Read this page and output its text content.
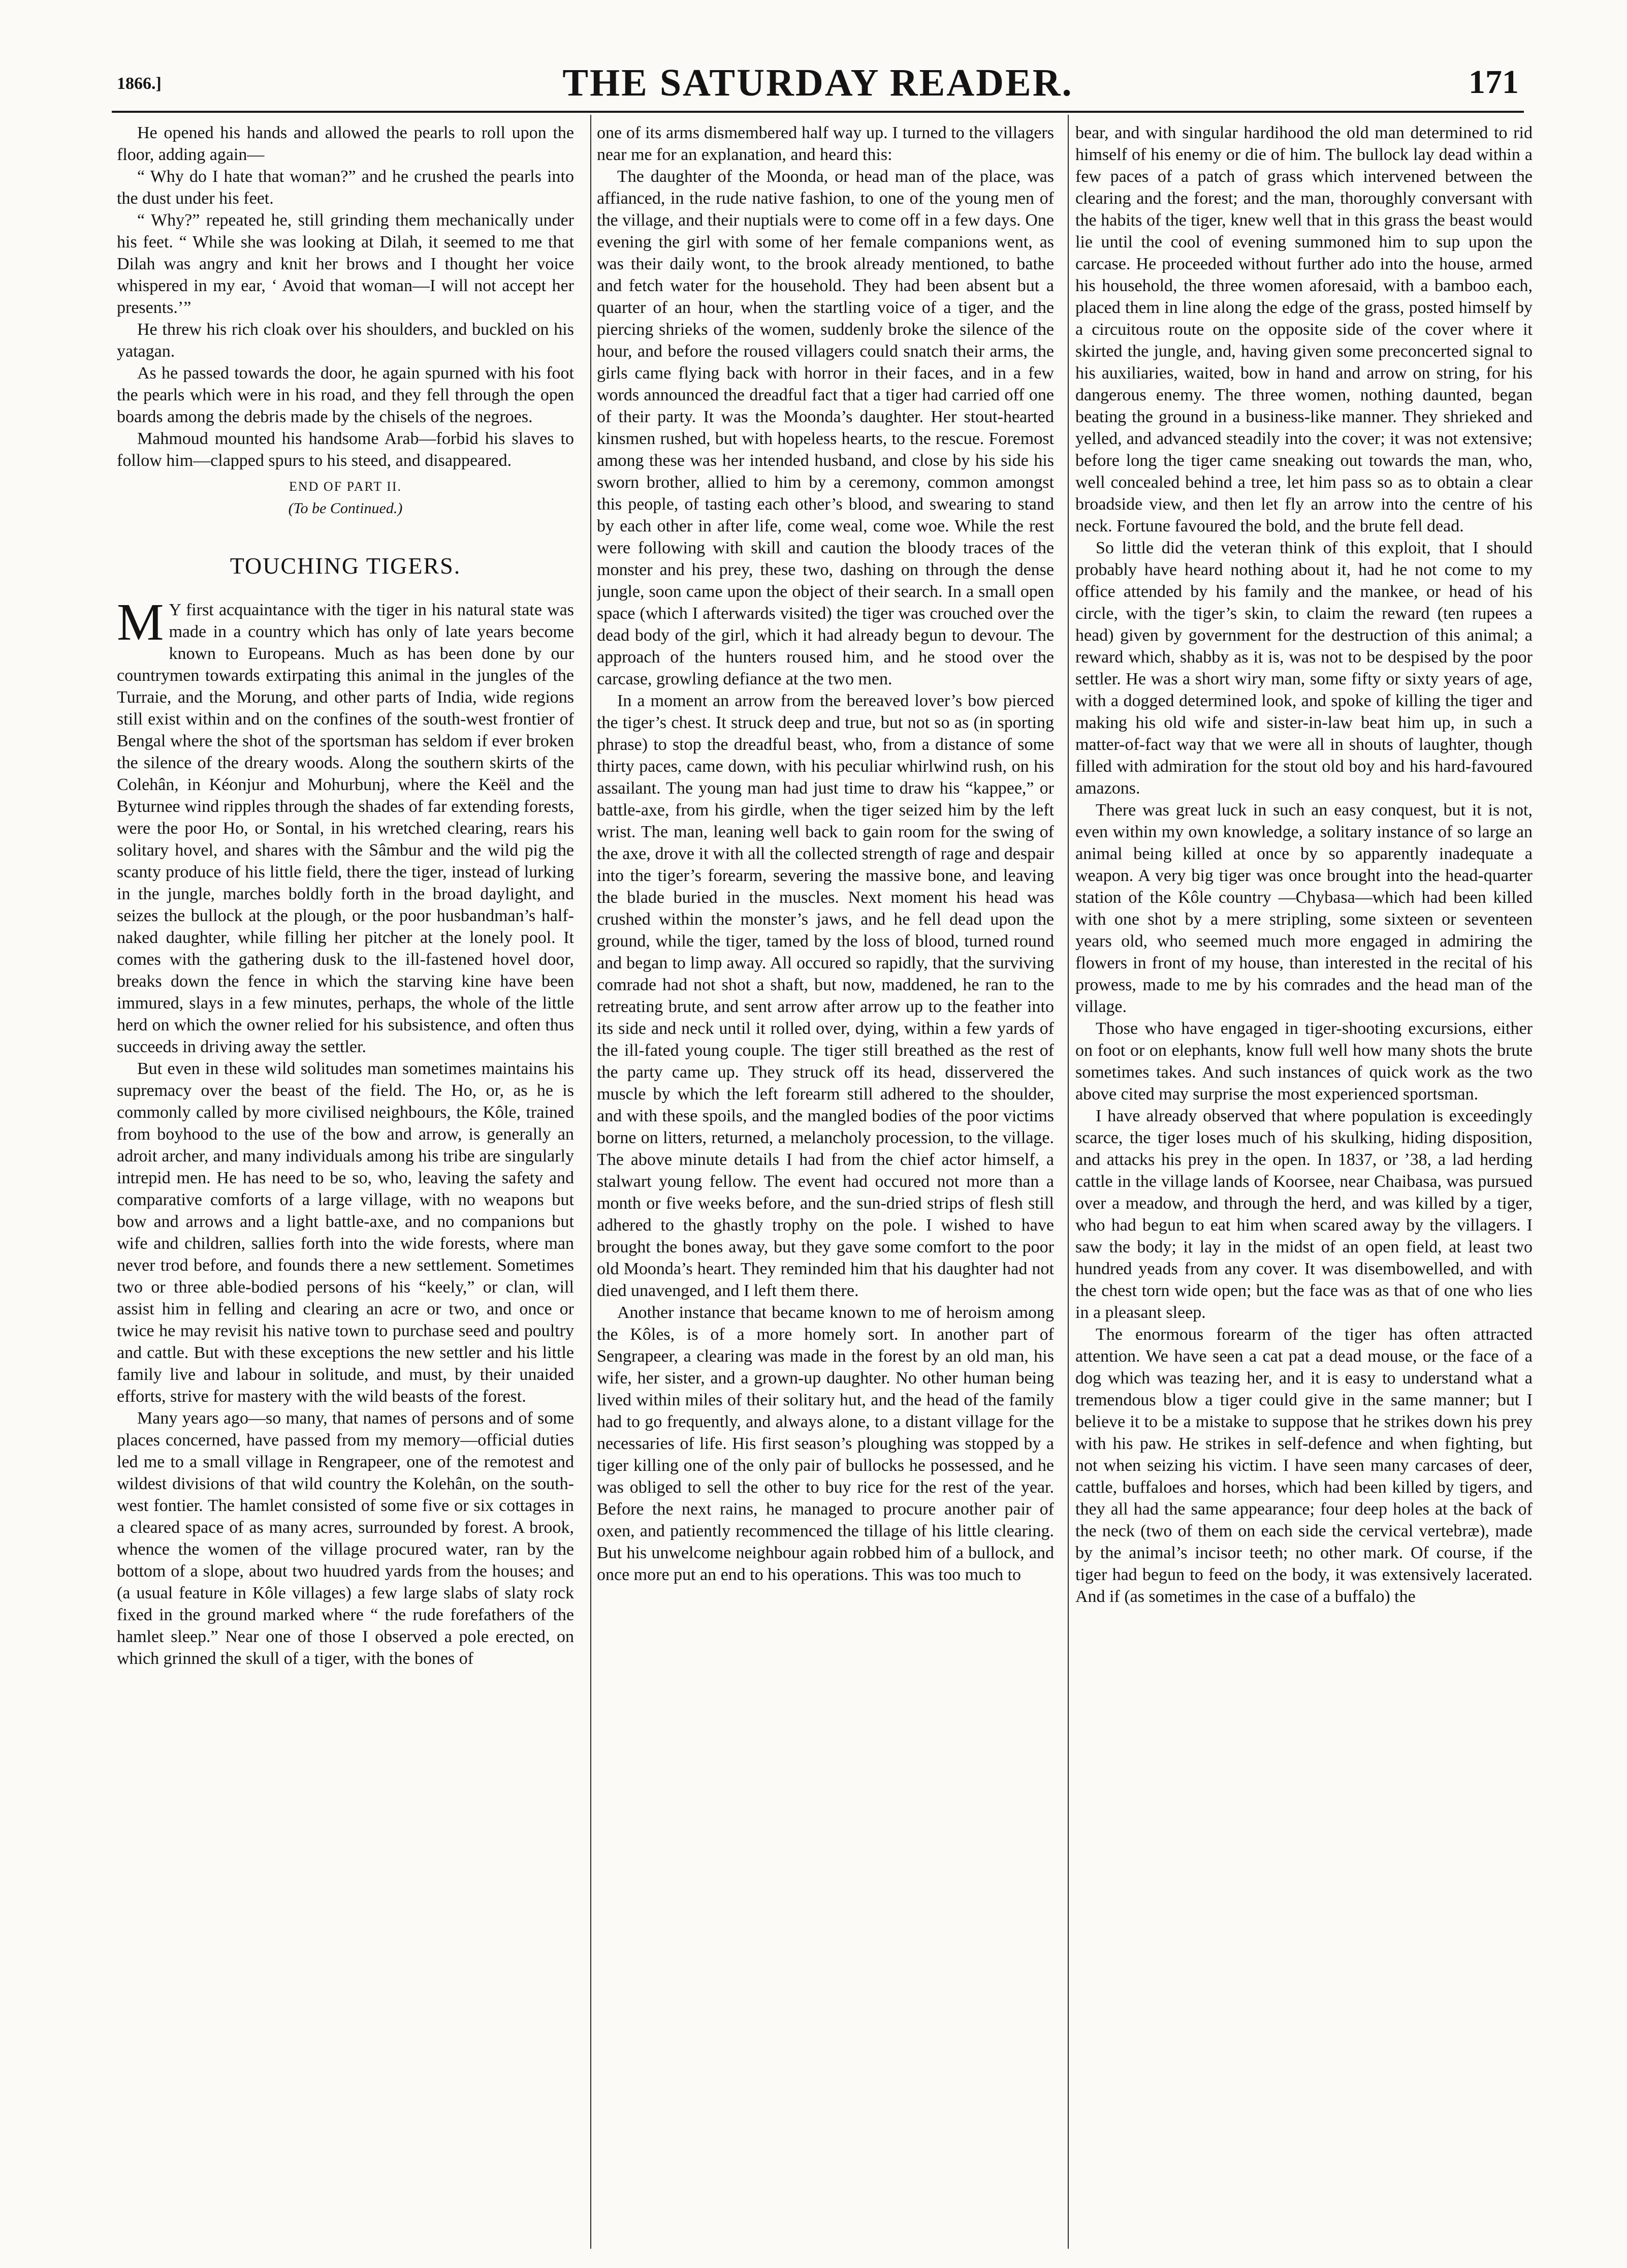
1866.]	THE SATURDAY READER.	171

He opened his hands and allowed the pearls to roll upon the floor, adding again—

“ Why do I hate that woman?” and he crushed the pearls into the dust under his feet.

“ Why?” repeated he, still grinding them mechanically under his feet. “ While she was looking at Dilah, it seemed to me that Dilah was angry and knit her brows and I thought her voice whispered in my ear, ‘ Avoid that woman—I will not accept her presents.’”

He threw his rich cloak over his shoulders, and buckled on his yatagan.

As he passed towards the door, he again spurned with his foot the pearls which were in his road, and they fell through the open boards among the debris made by the chisels of the negroes.

Mahmoud mounted his handsome Arab—forbid his slaves to follow him—clapped spurs to his steed, and disappeared.

END OF PART II.
(To be Continued.)
TOUCHING TIGERS.

M Y first acquaintance with the tiger in his natural state was made in a country which has only of late years become known to Europeans. Much as has been done by our countrymen towards extirpating this animal in the jungles of the Turraie, and the Morung, and other parts of India, wide regions still exist within and on the confines of the south-west frontier of Bengal where the shot of the sportsman has seldom if ever broken the silence of the dreary woods. Along the southern skirts of the Colehân, in Kéonjur and Mohurbunj, where the Keël and the Byturnee wind ripples through the shades of far extending forests, were the poor Ho, or Sontal, in his wretched clearing, rears his solitary hovel, and shares with the Sâmbur and the wild pig the scanty produce of his little field, there the tiger, instead of lurking in the jungle, marches boldly forth in the broad daylight, and seizes the bullock at the plough, or the poor husbandman’s half-naked daughter, while filling her pitcher at the lonely pool. It comes with the gathering dusk to the ill-fastened hovel door, breaks down the fence in which the starving kine have been immured, slays in a few minutes, perhaps, the whole of the little herd on which the owner relied for his subsistence, and often thus succeeds in driving away the settler.

But even in these wild solitudes man sometimes maintains his supremacy over the beast of the field. The Ho, or, as he is commonly called by more civilised neighbours, the Kôle, trained from boyhood to the use of the bow and arrow, is generally an adroit archer, and many individuals among his tribe are singularly intrepid men. He has need to be so, who, leaving the safety and comparative comforts of a large village, with no weapons but bow and arrows and a light battle-axe, and no companions but wife and children, sallies forth into the wide forests, where man never trod before, and founds there a new settlement. Sometimes two or three able-bodied persons of his “keely,” or clan, will assist him in felling and clearing an acre or two, and once or twice he may revisit his native town to purchase seed and poultry and cattle. But with these exceptions the new settler and his little family live and labour in solitude, and must, by their unaided efforts, strive for mastery with the wild beasts of the forest.

Many years ago—so many, that names of persons and of some places concerned, have passed from my memory—official duties led me to a small village in Rengrapeer, one of the remotest and wildest divisions of that wild country the Kolehân, on the south-west fontier. The hamlet consisted of some five or six cottages in a cleared space of as many acres, surrounded by forest. A brook, whence the women of the village procured water, ran by the bottom of a slope, about two huudred yards from the houses; and (a usual feature in Kôle villages) a few large slabs of slaty rock fixed in the ground marked where “ the rude forefathers of the hamlet sleep.” Near one of those I observed a pole erected, on which grinned the skull of a tiger, with the bones of

one of its arms dismembered half way up. I turned to the villagers near me for an explanation, and heard this:

The daughter of the Moonda, or head man of the place, was affianced, in the rude native fashion, to one of the young men of the village, and their nuptials were to come off in a few days. One evening the girl with some of her female companions went, as was their daily wont, to the brook already mentioned, to bathe and fetch water for the household. They had been absent but a quarter of an hour, when the startling voice of a tiger, and the piercing shrieks of the women, suddenly broke the silence of the hour, and before the roused villagers could snatch their arms, the girls came flying back with horror in their faces, and in a few words announced the dreadful fact that a tiger had carried off one of their party. It was the Moonda’s daughter. Her stout-hearted kinsmen rushed, but with hopeless hearts, to the rescue. Foremost among these was her intended husband, and close by his side his sworn brother, allied to him by a ceremony, common amongst this people, of tasting each other’s blood, and swearing to stand by each other in after life, come weal, come woe. While the rest were following with skill and caution the bloody traces of the monster and his prey, these two, dashing on through the dense jungle, soon came upon the object of their search. In a small open space (which I afterwards visited) the tiger was crouched over the dead body of the girl, which it had already begun to devour. The approach of the hunters roused him, and he stood over the carcase, growling defiance at the two men.

In a moment an arrow from the bereaved lover’s bow pierced the tiger’s chest. It struck deep and true, but not so as (in sporting phrase) to stop the dreadful beast, who, from a distance of some thirty paces, came down, with his peculiar whirlwind rush, on his assailant. The young man had just time to draw his “kappee,” or battle-axe, from his girdle, when the tiger seized him by the left wrist. The man, leaning well back to gain room for the swing of the axe, drove it with all the collected strength of rage and despair into the tiger’s forearm, severing the massive bone, and leaving the blade buried in the muscles. Next moment his head was crushed within the monster’s jaws, and he fell dead upon the ground, while the tiger, tamed by the loss of blood, turned round and began to limp away. All occured so rapidly, that the surviving comrade had not shot a shaft, but now, maddened, he ran to the retreating brute, and sent arrow after arrow up to the feather into its side and neck until it rolled over, dying, within a few yards of the ill-fated young couple. The tiger still breathed as the rest of the party came up. They struck off its head, disservered the muscle by which the left forearm still adhered to the shoulder, and with these spoils, and the mangled bodies of the poor victims borne on litters, returned, a melancholy procession, to the village. The above minute details I had from the chief actor himself, a stalwart young fellow. The event had occured not more than a month or five weeks before, and the sun-dried strips of flesh still adhered to the ghastly trophy on the pole. I wished to have brought the bones away, but they gave some comfort to the poor old Moonda’s heart. They reminded him that his daughter had not died unavenged, and I left them there.

Another instance that became known to me of heroism among the Kôles, is of a more homely sort. In another part of Sengrapeer, a clearing was made in the forest by an old man, his wife, her sister, and a grown-up daughter. No other human being lived within miles of their solitary hut, and the head of the family had to go frequently, and always alone, to a distant village for the necessaries of life. His first season’s ploughing was stopped by a tiger killing one of the only pair of bullocks he possessed, and he was obliged to sell the other to buy rice for the rest of the year. Before the next rains, he managed to procure another pair of oxen, and patiently recommenced the tillage of his little clearing. But his unwelcome neighbour again robbed him of a bullock, and once more put an end to his operations. This was too much to

bear, and with singular hardihood the old man determined to rid himself of his enemy or die of him. The bullock lay dead within a few paces of a patch of grass which intervened between the clearing and the forest; and the man, thoroughly conversant with the habits of the tiger, knew well that in this grass the beast would lie until the cool of evening summoned him to sup upon the carcase. He proceeded without further ado into the house, armed his household, the three women aforesaid, with a bamboo each, placed them in line along the edge of the grass, posted himself by a circuitous route on the opposite side of the cover where it skirted the jungle, and, having given some preconcerted signal to his auxiliaries, waited, bow in hand and arrow on string, for his dangerous enemy. The three women, nothing daunted, began beating the ground in a business-like manner. They shrieked and yelled, and advanced steadily into the cover; it was not extensive; before long the tiger came sneaking out towards the man, who, well concealed behind a tree, let him pass so as to obtain a clear broadside view, and then let fly an arrow into the centre of his neck. Fortune favoured the bold, and the brute fell dead.

So little did the veteran think of this exploit, that I should probably have heard nothing about it, had he not come to my office attended by his family and the mankee, or head of his circle, with the tiger’s skin, to claim the reward (ten rupees a head) given by government for the destruction of this animal; a reward which, shabby as it is, was not to be despised by the poor settler. He was a short wiry man, some fifty or sixty years of age, with a dogged determined look, and spoke of killing the tiger and making his old wife and sister-in-law beat him up, in such a matter-of-fact way that we were all in shouts of laughter, though filled with admiration for the stout old boy and his hard-favoured amazons.

There was great luck in such an easy conquest, but it is not, even within my own knowledge, a solitary instance of so large an animal being killed at once by so apparently inadequate a weapon. A very big tiger was once brought into the head-quarter station of the Kôle country —Chybasa—which had been killed with one shot by a mere stripling, some sixteen or seventeen years old, who seemed much more engaged in admiring the flowers in front of my house, than interested in the recital of his prowess, made to me by his comrades and the head man of the village.

Those who have engaged in tiger-shooting excursions, either on foot or on elephants, know full well how many shots the brute sometimes takes. And such instances of quick work as the two above cited may surprise the most experienced sportsman.

I have already observed that where population is exceedingly scarce, the tiger loses much of his skulking, hiding disposition, and attacks his prey in the open. In 1837, or ’38, a lad herding cattle in the village lands of Koorsee, near Chaibasa, was pursued over a meadow, and through the herd, and was killed by a tiger, who had begun to eat him when scared away by the villagers. I saw the body; it lay in the midst of an open field, at least two hundred yeads from any cover. It was disembowelled, and with the chest torn wide open; but the face was as that of one who lies in a pleasant sleep.

The enormous forearm of the tiger has often attracted attention. We have seen a cat pat a dead mouse, or the face of a dog which was teazing her, and it is easy to understand what a tremendous blow a tiger could give in the same manner; but I believe it to be a mistake to suppose that he strikes down his prey with his paw. He strikes in self-defence and when fighting, but not when seizing his victim. I have seen many carcases of deer, cattle, buffaloes and horses, which had been killed by tigers, and they all had the same appearance; four deep holes at the back of the neck (two of them on each side the cervical vertebræ), made by the animal’s incisor teeth; no other mark. Of course, if the tiger had begun to feed on the body, it was extensively lacerated. And if (as sometimes in the case of a buffalo) the
